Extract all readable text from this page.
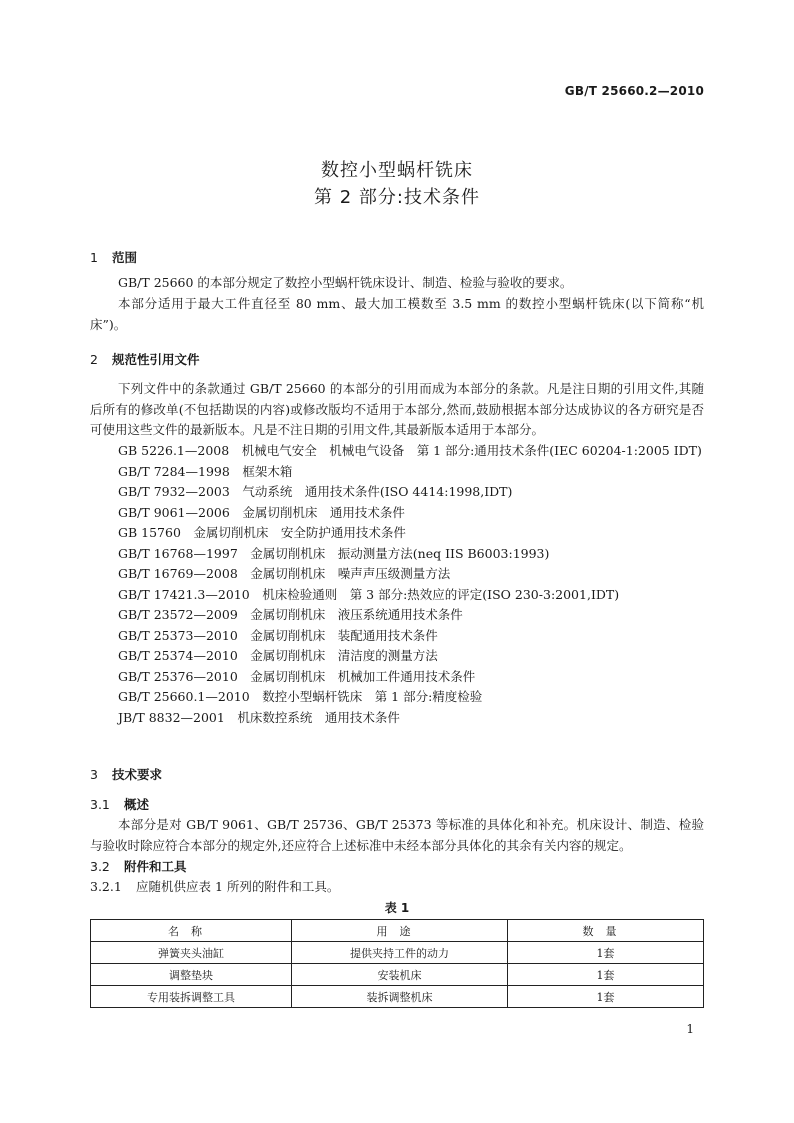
GB/T 25660.2—2010
数控小型蜗杆铣床
第 2 部分:技术条件
1 范围
GB/T 25660 的本部分规定了数控小型蜗杆铣床设计、制造、检验与验收的要求。
本部分适用于最大工件直径至 80 mm、最大加工模数至 3.5 mm 的数控小型蜗杆铣床(以下简称“机床”)。
2 规范性引用文件
下列文件中的条款通过 GB/T 25660 的本部分的引用而成为本部分的条款。凡是注日期的引用文件,其随后所有的修改单(不包括勘误的内容)或修改版均不适用于本部分,然而,鼓励根据本部分达成协议的各方研究是否可使用这些文件的最新版本。凡是不注日期的引用文件,其最新版本适用于本部分。
GB 5226.1—2008　机械电气安全　机械电气设备　第 1 部分:通用技术条件(IEC 60204-1:2005 IDT)
GB/T 7284—1998　框架木箱
GB/T 7932—2003　气动系统　通用技术条件(ISO 4414:1998,IDT)
GB/T 9061—2006　金属切削机床　通用技术条件
GB 15760　金属切削机床　安全防护通用技术条件
GB/T 16768—1997　金属切削机床　振动测量方法(neq IIS B6003:1993)
GB/T 16769—2008　金属切削机床　噪声声压级测量方法
GB/T 17421.3—2010　机床检验通则　第 3 部分:热效应的评定(ISO 230-3:2001,IDT)
GB/T 23572—2009　金属切削机床　液压系统通用技术条件
GB/T 25373—2010　金属切削机床　装配通用技术条件
GB/T 25374—2010　金属切削机床　清洁度的测量方法
GB/T 25376—2010　金属切削机床　机械加工件通用技术条件
GB/T 25660.1—2010　数控小型蜗杆铣床　第 1 部分:精度检验
JB/T 8832—2001　机床数控系统　通用技术条件
3 技术要求
3.1 概述
本部分是对 GB/T 9061、GB/T 25736、GB/T 25373 等标准的具体化和补充。机床设计、制造、检验与验收时除应符合本部分的规定外,还应符合上述标准中未经本部分具体化的其余有关内容的规定。
3.2 附件和工具
3.2.1 应随机供应表 1 所列的附件和工具。
表 1
名称	用途	数量
弹簧夹头油缸	提供夹持工件的动力	1套
调整垫块	安装机床	1套
专用装拆调整工具	装拆调整机床	1套
1
